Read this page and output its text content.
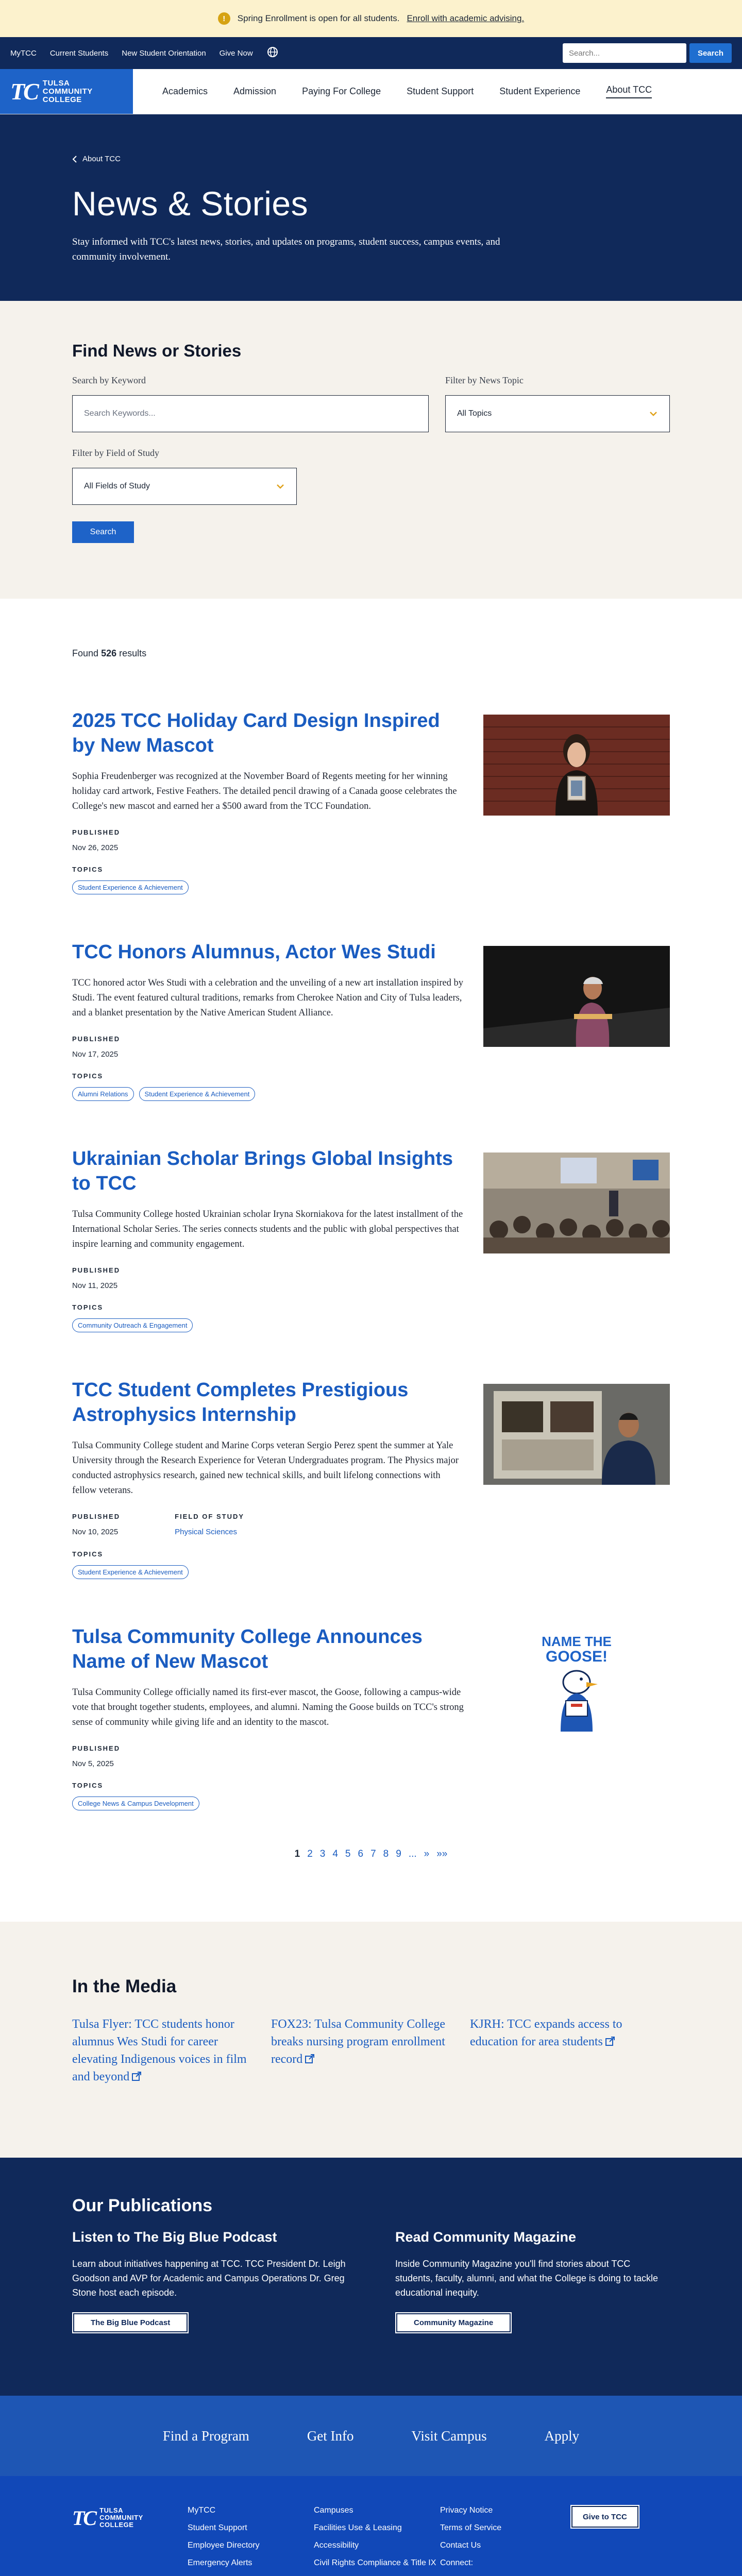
!	Spring Enrollment is open for all students. Enroll with academic advising.
MyTCC Current Students New Student Orientation Give Now
Search...	Search
TC TULSA
COMMUNITY
COLLEGE
Academics	Admission	Paying For College	Student Support	Student Experience	About TCC
About TCC
News & Stories

Stay informed with TCC's latest news, stories, and updates on programs, student success, campus events, and community involvement.

Find News or Stories
Search by Keyword
Search Keywords...
Filter by News Topic
All Topics
Filter by Field of Study
All Fields of Study
Search
Found 526 results
2025 TCC Holiday Card Design Inspired by New Mascot

Sophia Freudenberger was recognized at the November Board of Regents meeting for her winning holiday card artwork, Festive Feathers. The detailed pencil drawing of a Canada goose celebrates the College's new mascot and earned her a $500 award from the TCC Foundation.

PUBLISHED
Nov 26, 2025
TOPICS
Student Experience & Achievement
TCC Honors Alumnus, Actor Wes Studi

TCC honored actor Wes Studi with a celebration and the unveiling of a new art installation inspired by Studi. The event featured cultural traditions, remarks from Cherokee Nation and City of Tulsa leaders, and a blanket presentation by the Native American Student Alliance.

PUBLISHED
Nov 17, 2025
TOPICS
Alumni Relations	Student Experience & Achievement
Ukrainian Scholar Brings Global Insights to TCC

Tulsa Community College hosted Ukrainian scholar Iryna Skorniakova for the latest installment of the International Scholar Series. The series connects students and the public with global perspectives that inspire learning and community engagement.

PUBLISHED
Nov 11, 2025
TOPICS
Community Outreach & Engagement
TCC Student Completes Prestigious Astrophysics Internship

Tulsa Community College student and Marine Corps veteran Sergio Perez spent the summer at Yale University through the Research Experience for Veteran Undergraduates program. The Physics major conducted astrophysics research, gained new technical skills, and built lifelong connections with fellow veterans.

PUBLISHED
Nov 10, 2025
FIELD OF STUDY
Physical Sciences
TOPICS
Student Experience & Achievement
Tulsa Community College Announces Name of New Mascot

Tulsa Community College officially named its first-ever mascot, the Goose, following a campus-wide vote that brought together students, employees, and alumni. Naming the Goose builds on TCC's strong sense of community while giving life and an identity to the mascot.

PUBLISHED
Nov 5, 2025
TOPICS
College News & Campus Development
NAME THE
GOOSE!
1 2 3 4 5 6 7 8 9 ... » »»
In the Media
Tulsa Flyer: TCC students honor alumnus Wes Studi for career elevating Indigenous voices in film and beyond
FOX23: Tulsa Community College breaks nursing program enrollment record
KJRH: TCC expands access to education for area students
Our Publications
Listen to The Big Blue Podcast

Learn about initiatives happening at TCC. TCC President Dr. Leigh Goodson and AVP for Academic and Campus Operations Dr. Greg Stone host each episode.

The Big Blue Podcast
Read Community Magazine

Inside Community Magazine you'll find stories about TCC students, faculty, alumni, and what the College is doing to tackle educational inequity.

Community Magazine
Find a Program	Get Info	Visit Campus	Apply
TC TULSA
COMMUNITY
COLLEGE
MyTCC
Student Support
Employee Directory
Emergency Alerts
Campuses
Facilities Use & Leasing
Accessibility
Civil Rights Compliance & Title IX
Privacy Notice
Terms of Service
Contact Us
Connect:
Give to TCC
